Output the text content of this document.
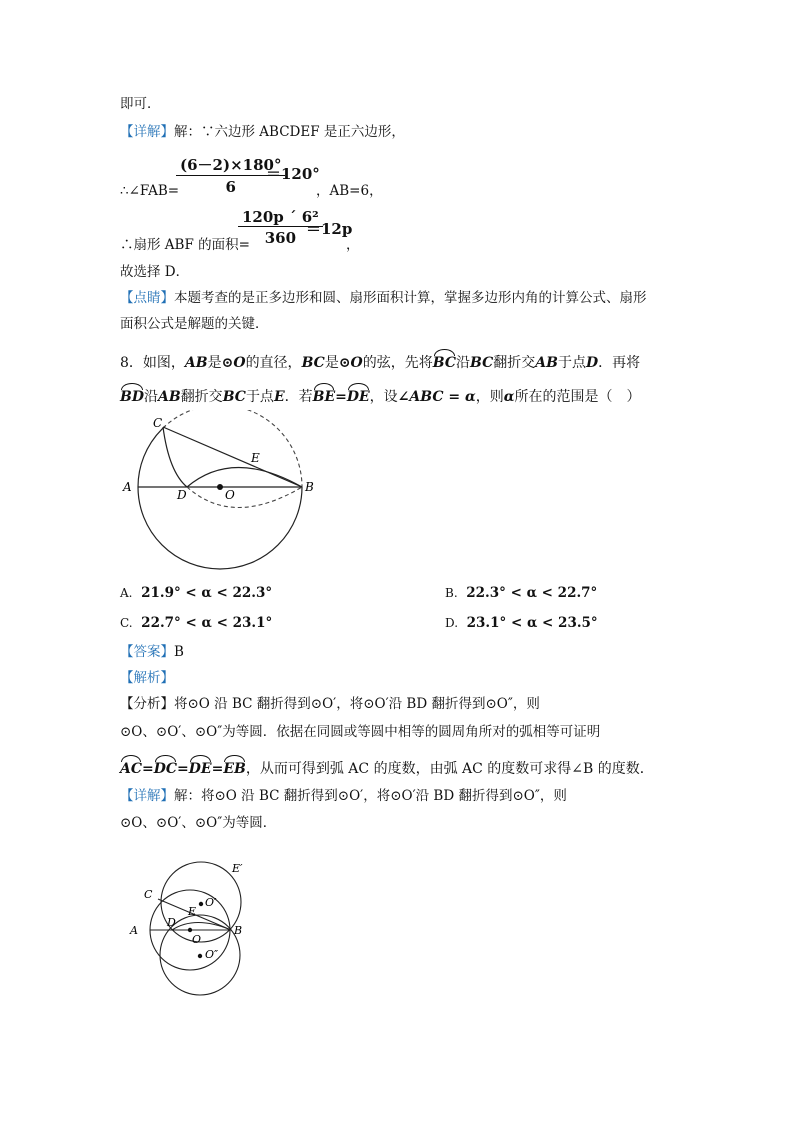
即可．
【详解】解：∵六边形 ABCDEF 是正六边形，
∴∠FAB=
(6－2)×180°
6
＝120°
，AB=6，
∴扇形 ABF 的面积=
120p ´ 6²
360 ＝12p
，
故选择 D．
【点睛】本题考查的是正多边形和圆、扇形面积计算，掌握多边形内角的计算公式、扇形
面积公式是解题的关键．
8．如图，AB是⊙O的直径，BC是⊙O的弦，先将BC沿BC翻折交AB于点D．再将
BD沿AB翻折交BC于点E．若BE=DE，设∠ABC = α，则α所在的范围是（　）
C
E
A
D	O
B
A. 21.9° < α < 22.3°	B. 22.3° < α < 22.7°
C. 22.7° < α < 23.1°	D. 23.1° < α < 23.5°
【答案】B
【解析】
【分析】将⊙O 沿 BC 翻折得到⊙O′，将⊙O′沿 BD 翻折得到⊙O″，则
⊙O、⊙O′、⊙O″为等圆．依据在同圆或等圆中相等的圆周角所对的弧相等可证明
AC=DC=DE=EB，从而可得到弧 AC 的度数，由弧 AC 的度数可求得∠B 的度数．
【详解】解：将⊙O 沿 BC 翻折得到⊙O′，将⊙O′沿 BD 翻折得到⊙O″，则
⊙O、⊙O′、⊙O″为等圆．
E′
C
O′
E
D
A
O
B
O″
